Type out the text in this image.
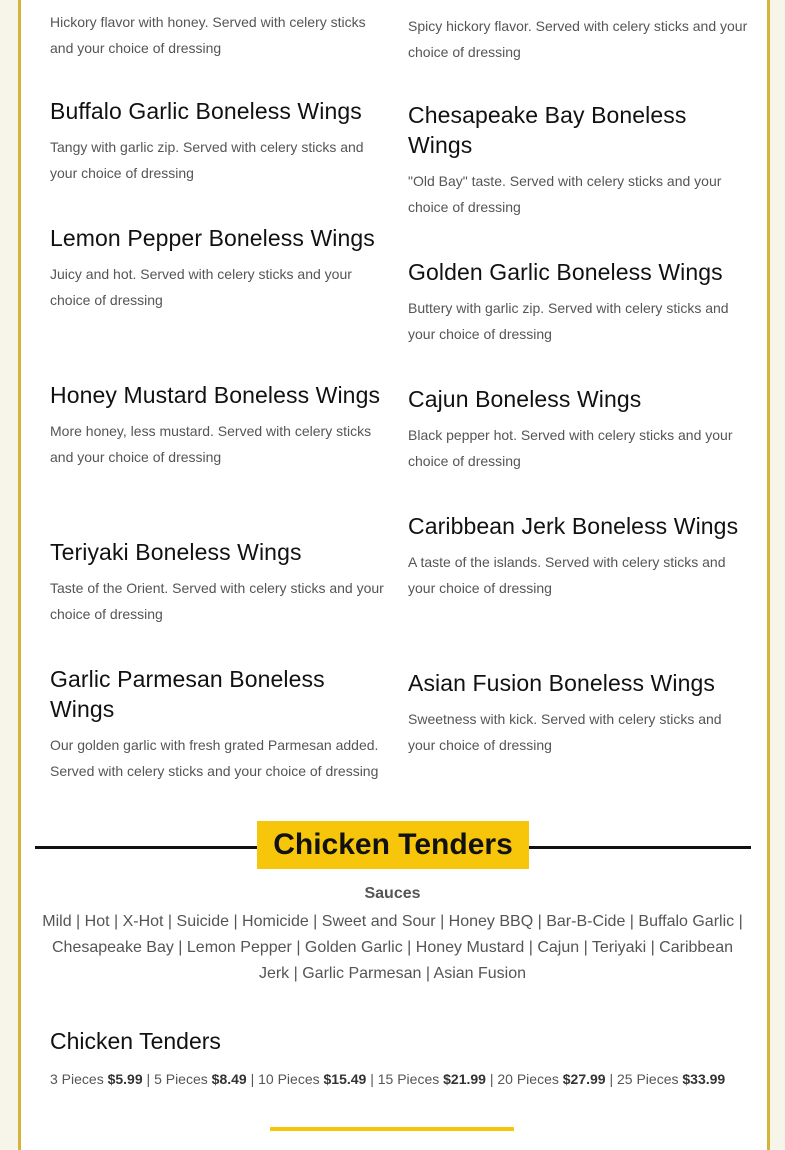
Hickory flavor with honey. Served with celery sticks and your choice of dressing

Buffalo Garlic Boneless Wings

Tangy with garlic zip. Served with celery sticks and your choice of dressing

Lemon Pepper Boneless Wings

Juicy and hot. Served with celery sticks and your choice of dressing

Honey Mustard Boneless Wings

More honey, less mustard. Served with celery sticks and your choice of dressing

Teriyaki Boneless Wings

Taste of the Orient. Served with celery sticks and your choice of dressing

Garlic Parmesan Boneless Wings

Our golden garlic with fresh grated Parmesan added. Served with celery sticks and your choice of dressing

Spicy hickory flavor. Served with celery sticks and your choice of dressing

Chesapeake Bay Boneless Wings

"Old Bay" taste. Served with celery sticks and your choice of dressing

Golden Garlic Boneless Wings

Buttery with garlic zip. Served with celery sticks and your choice of dressing

Cajun Boneless Wings

Black pepper hot. Served with celery sticks and your choice of dressing

Caribbean Jerk Boneless Wings

A taste of the islands. Served with celery sticks and your choice of dressing

Asian Fusion Boneless Wings

Sweetness with kick. Served with celery sticks and your choice of dressing

Chicken Tenders
Sauces
Mild | Hot | X-Hot | Suicide | Homicide | Sweet and Sour | Honey BBQ | Bar-B-Cide | Buffalo Garlic | Chesapeake Bay | Lemon Pepper | Golden Garlic | Honey Mustard | Cajun | Teriyaki | Caribbean Jerk | Garlic Parmesan | Asian Fusion
Chicken Tenders
3 Pieces $5.99 | 5 Pieces $8.49 | 10 Pieces $15.49 | 15 Pieces $21.99 | 20 Pieces $27.99 | 25 Pieces $33.99
